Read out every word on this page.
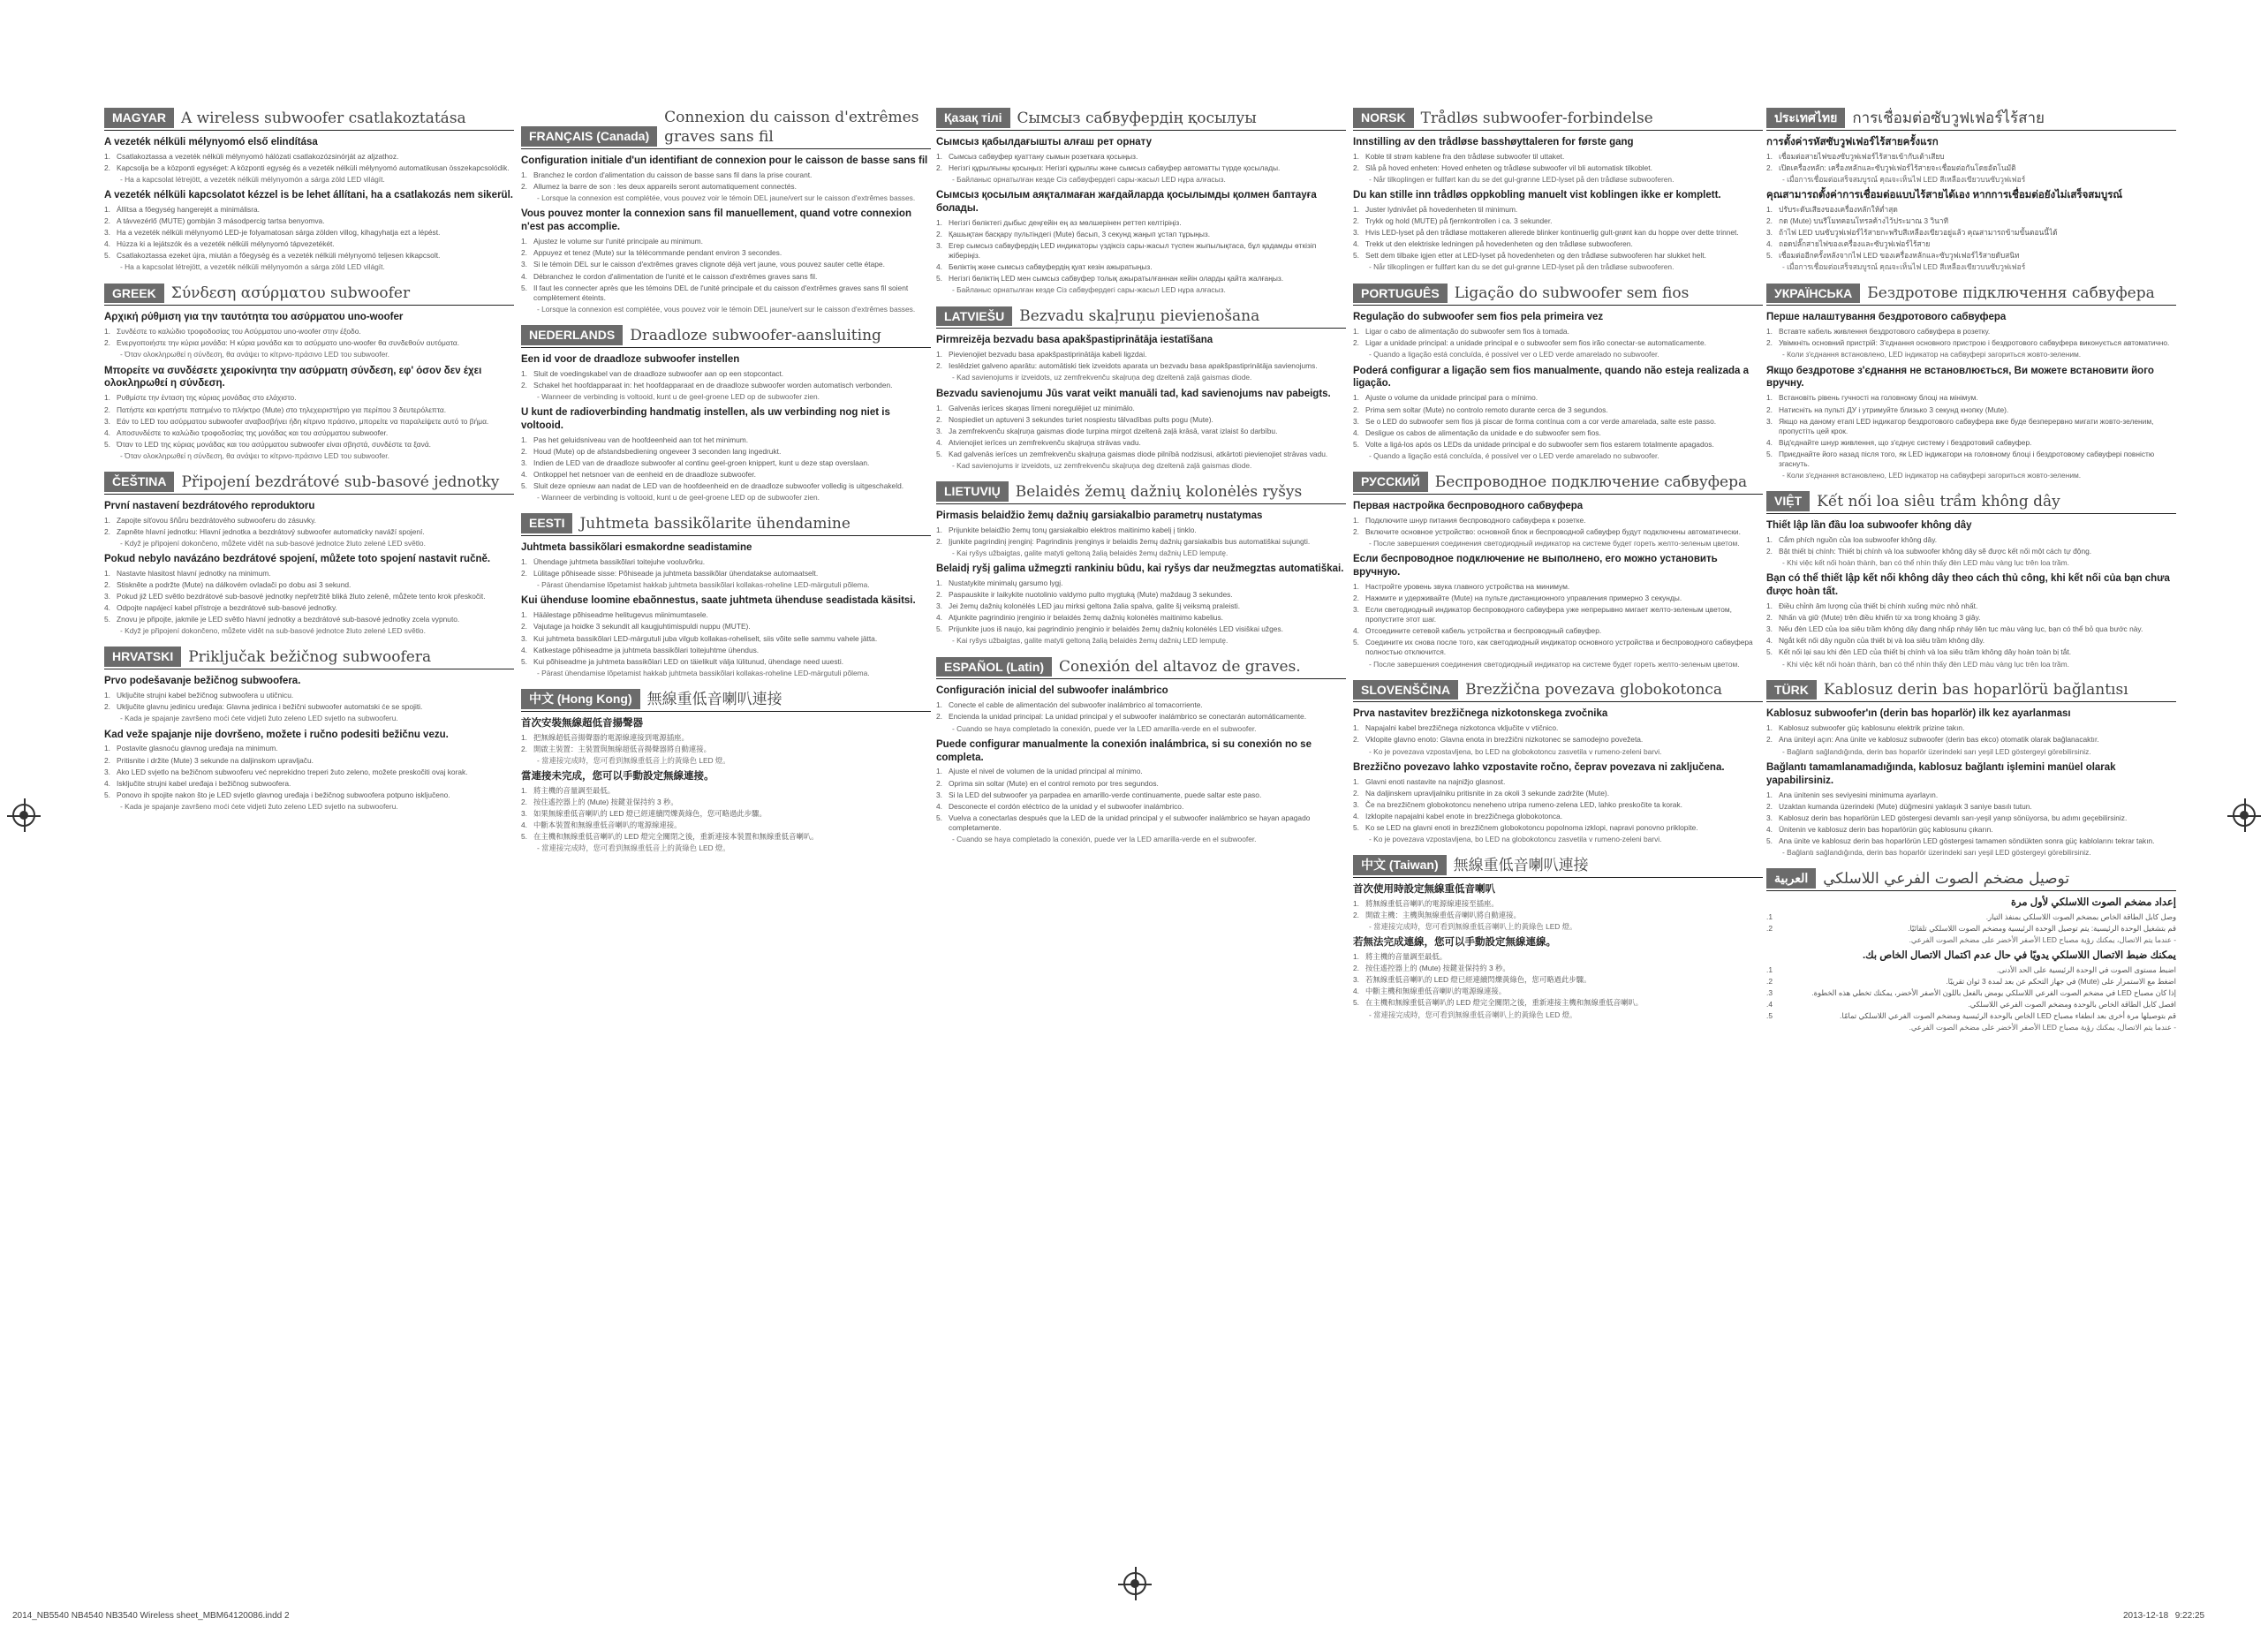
MAGYAR	A wireless subwoofer csatlakoztatása
A vezeték nélküli mélynyomó első elindítása
1. Csatlakoztassa a vezeték nélküli mélynyomó hálózati csatlakozózsinórját az aljzathoz.
2. Kapcsolja be a központi egységet: A központi egység és a vezeték nélküli mélynyomó automatikusan összekapcsolódik.
- Ha a kapcsolat létrejött, a vezeték nélküli mélynyomón a sárga zöld LED világít.
A vezeték nélküli kapcsolatot kézzel is be lehet állítani, ha a csatlakozás nem sikerül.
1. Állítsa a főegység hangerejét a minimálisra.
2. A távvezérlő (MUTE) gombján 3 másodpercig tartsa benyomva.
3. Ha a vezeték nélküli mélynyomó LED-je folyamatosan sárga zölden villog, kihagyhatja ezt a lépést.
4. Húzza ki a lejátszók és a vezeték nélküli mélynyomó tápvezetékét.
5. Csatlakoztassa ezeket újra, miután a főegység és a vezeték nélküli mélynyomó teljesen kikapcsolt.
- Ha a kapcsolat létrejött, a vezeték nélküli mélynyomón a sárga zöld LED világít.
GREEK	Σύνδεση ασύρματου subwoofer
Αρχική ρύθμιση για την ταυτότητα του ασύρματου uno-woofer
1. Συνδέστε το καλώδιο τροφοδοσίας του Ασύρματου uno-woofer στην έξοδο.
2. Ενεργοποιήστε την κύρια μονάδα: Η κύρια μονάδα και το ασύρματο uno-woofer θα συνδεθούν αυτόματα.
- Όταν ολοκληρωθεί η σύνδεση, θα ανάψει το κίτρινο-πράσινο LED του subwoofer.
Μπορείτε να συνδέσετε χειροκίνητα την ασύρματη σύνδεση, εφ' όσον δεν έχει ολοκληρωθεί η σύνδεση.
1. Ρυθμίστε την ένταση της κύριας μονάδας στο ελάχιστο.
2. Πατήστε και κρατήστε πατημένο το πλήκτρο (Mute) στο τηλεχειριστήριο για περίπου 3 δευτερόλεπτα.
3. Εάν το LED του ασύρματου subwoofer αναβοσβήνει ήδη κίτρινο πράσινο, μπορείτε να παραλείψετε αυτό το βήμα.
4. Αποσυνδέστε το καλώδιο τροφοδοσίας της μονάδας και του ασύρματου subwoofer.
5. Όταν το LED της κύριας μονάδας και του ασύρματου subwoofer είναι σβηστά, συνδέστε τα ξανά.
- Όταν ολοκληρωθεί η σύνδεση, θα ανάψει το κίτρινο-πράσινο LED του subwoofer.
ČEŠTINA	Připojení bezdrátové sub-basové jednotky
První nastavení bezdrátového reproduktoru
1. Zapojte síťovou šňůru bezdrátového subwooferu do zásuvky.
2. Zapněte hlavní jednotku: Hlavní jednotka a bezdrátový subwoofer automaticky naváží spojení.
- Když je připojení dokončeno, můžete vidět na sub-basové jednotce žluto zelené LED světlo.
Pokud nebylo navázáno bezdrátové spojení, můžete toto spojení nastavit ručně.
1. Nastavte hlasitost hlavní jednotky na minimum.
2. Stiskněte a podržte (Mute) na dálkovém ovladači po dobu asi 3 sekund.
3. Pokud již LED světlo bezdrátové sub-basové jednotky nepřetržitě bliká žluto zeleně, můžete tento krok přeskočit.
4. Odpojte napájecí kabel přístroje a bezdrátové sub-basové jednotky.
5. Znovu je připojte, jakmile je LED světlo hlavní jednotky a bezdrátové sub-basové jednotky zcela vypnuto.
- Když je připojení dokončeno, můžete vidět na sub-basové jednotce žluto zelené LED světlo.
HRVATSKI	Priključak bežičnog subwoofera
Prvo podešavanje bežičnog subwoofera.
1. Uključite strujni kabel bežičnog subwoofera u utičnicu.
2. Uključite glavnu jedinicu uređaja: Glavna jedinica i bežični subwoofer automatski će se spojiti.
- Kada je spajanje završeno moći ćete vidjeti žuto zeleno LED svjetlo na subwooferu.
Kad veže spajanje nije dovršeno, možete i ručno podesiti bežičnu vezu.
1. Postavite glasnoću glavnog uređaja na minimum.
2. Pritisnite i držite (Mute) 3 sekunde na daljinskom upravljaču.
3. Ako LED svjetlo na bežičnom subwooferu već neprekidno treperi žuto zeleno, možete preskočiti ovaj korak.
4. Isključite strujni kabel uređaja i bežičnog subwoofera.
5. Ponovo ih spojite nakon što je LED svjetlo glavnog uređaja i bežičnog subwoofera potpuno isključeno.
- Kada je spajanje završeno moći ćete vidjeti žuto zeleno LED svjetlo na subwooferu.
FRANÇAIS (Canada)
Connexion du caisson d'extrêmes graves sans fil
Configuration initiale d'un identifiant de connexion pour le caisson de basse sans fil
1. Branchez le cordon d'alimentation du caisson de basse sans fil dans la prise courant.
2. Allumez la barre de son : les deux appareils seront automatiquement connectés.
- Lorsque la connexion est complétée, vous pouvez voir le témoin DEL jaune/vert sur le caisson d'extrêmes basses.
Vous pouvez monter la connexion sans fil manuellement, quand votre connexion n'est pas accomplie.
1. Ajustez le volume sur l'unité principale au minimum.
2. Appuyez et tenez (Mute) sur la télécommande pendant environ 3 secondes.
3. Si le témoin DEL sur le caisson d'extrêmes graves clignote déjà vert jaune, vous pouvez sauter cette étape.
4. Débranchez le cordon d'alimentation de l'unité et le caisson d'extrêmes graves sans fil.
5. Il faut les connecter après que les témoins DEL de l'unité principale et du caisson d'extrêmes graves sans fil soient complètement éteints.
- Lorsque la connexion est complétée, vous pouvez voir le témoin DEL jaune/vert sur le caisson d'extrêmes basses.
NEDERLANDS	Draadloze subwoofer-aansluiting
Een id voor de draadloze subwoofer instellen
1. Sluit de voedingskabel van de draadloze subwoofer aan op een stopcontact.
2. Schakel het hoofdapparaat in: het hoofdapparaat en de draadloze subwoofer worden automatisch verbonden.
- Wanneer de verbinding is voltooid, kunt u de geel-groene LED op de subwoofer zien.
U kunt de radioverbinding handmatig instellen, als uw verbinding nog niet is voltooid.
1. Pas het geluidsniveau van de hoofdeenheid aan tot het minimum.
2. Houd (Mute) op de afstandsbediening ongeveer 3 seconden lang ingedrukt.
3. Indien de LED van de draadloze subwoofer al continu geel-groen knippert, kunt u deze stap overslaan.
4. Ontkoppel het netsnoer van de eenheid en de draadloze subwoofer.
5. Sluit deze opnieuw aan nadat de LED van de hoofdeenheid en de draadloze subwoofer volledig is uitgeschakeld.
- Wanneer de verbinding is voltooid, kunt u de geel-groene LED op de subwoofer zien.
EESTI	Juhtmeta bassikõlarite ühendamine
Juhtmeta bassikõlari esmakordne seadistamine
1. Ühendage juhtmeta bassikõlari toitejuhe vooluvõrku.
2. Lülitage põhiseade sisse: Põhiseade ja juhtmeta bassikõlar ühendatakse automaatselt.
- Pärast ühendamise lõpetamist hakkab juhtmeta bassikõlari kollakas-roheline LED-märgutuli põlema.
Kui ühenduse loomine ebaõnnestus, saate juhtmeta ühenduse seadistada käsitsi.
1. Häälestage põhiseadme helitugevus miinimumtasele.
2. Vajutage ja hoidke 3 sekundit all kaugjuhtimispuldi nuppu (MUTE).
3. Kui juhtmeta bassikõlari LED-märgutuli juba vilgub kollakas-roheliselt, siis võite selle sammu vahele jätta.
4. Katkestage põhiseadme ja juhtmeta bassikõlari toitejuhtme ühendus.
5. Kui põhiseadme ja juhtmeta bassikõlari LED on täielikult välja lülitunud, ühendage need uuesti.
- Pärast ühendamise lõpetamist hakkab juhtmeta bassikõlari kollakas-roheline LED-märgutuli põlema.
中文 (Hong Kong)	無線重低音喇叭連接
首次安裝無線超低音揚聲器
1. 把無線超低音揚聲器的電源線連接到電源插座。
2. 開啟主裝置：主裝置與無線超低音揚聲器將自動連接。
- 當連接完成時，您可看到無線重低音上的黃綠色 LED 燈。
當連接未完成，您可以手動設定無線連接。
1. 將主機的音量調至最低。
2. 按住遙控器上的 (Mute) 按鍵並保持約 3 秒。
3. 如果無線重低音喇叭的 LED 燈已經連續閃爍黃綠色，您可略過此步驟。
4. 中斷本裝置和無線重低音喇叭的電源線連接。
5. 在主機和無線重低音喇叭的 LED 燈完全關閉之後，重新連接本裝置和無線重低音喇叭。
- 當連接完成時，您可看到無線重低音上的黃綠色 LED 燈。
Қазақ тілі	Сымсыз сабвуфердің қосылуы
Сымсыз қабылдағышты алғаш рет орнату
1. Сымсыз сабвуфер қуаттану сымын розеткаға қосыңыз.
2. Негізгі құрылғыны қосыңыз: Негізгі құрылғы және сымсыз сабвуфер автоматты түрде қосылады.
- Байланыс орнатылған кезде Сіз сабвуфердегі сары-жасыл LED нұра алғасыз.
Сымсыз қосылым аяқталмаған жағдайларда қосылымды қолмен баптауға болады.
1. Негізгі бөліктегі дыбыс деңгейін ең аз мөлшерінен реттеп келтіріңіз.
2. Қашықтан басқару пультіндегі (Mute) басып, 3 секунд жаңып ұстап тұрыңыз.
3. Егер сымсыз сабвуфердің LED индикаторы үздіксіз сары-жасыл түспен жыпылықтаса, бұл қадамды өткізіп жіберіңіз.
4. Бөліктің және сымсыз сабвуфердің қуат кезін ажыратыңыз.
5. Негізгі бөліктің LED мен сымсыз сабвуфер толық ажыратылғаннан кейін оларды қайта жалғаңыз.
- Байланыс орнатылған кезде Сіз сабвуфердегі сары-жасыл LED нұра алғасыз.
LATVIEŠU	Bezvadu skaļruņu pievienošana
Pirmreizēja bezvadu basa apakšpastiprinātāja iestatīšana
1. Pievienojiet bezvadu basa apakšpastiprinātāja kabeli ligzdai.
2. Ieslēdziet galveno aparātu: automātiski tiek izveidots aparata un bezvadu basa apakšpastiprinātāja savienojums.
- Kad savienojums ir izveidots, uz zemfrekvenču skaļruņa deg dzeltenā zaļā gaismas diode.
Bezvadu savienojumu Jūs varat veikt manuāli tad, kad savienojums nav pabeigts.
1. Galvenās ierīces skaņas līmeni noregulējiet uz minimālo.
2. Nospiediet un aptuveni 3 sekundes turiet nospiestu tālvadības pults pogu (Mute).
3. Ja zemfrekvenču skaļruņa gaismas diode turpina mirgot dzeltenā zaļā krāsā, varat izlaist šo darbību.
4. Atvienojiet ierīces un zemfrekvenču skaļruņa strāvas vadu.
5. Kad galvenās ierīces un zemfrekvenču skaļruņa gaismas diode pilnībā nodzisusi, atkārtoti pievienojiet strāvas vadu.
- Kad savienojums ir izveidots, uz zemfrekvenču skaļruņa deg dzeltenā zaļā gaismas diode.
LIETUVIŲ	Belaidės žemų dažnių kolonėlės ryšys
Pirmasis belaidžio žemų dažnių garsiakalbio parametrų nustatymas
1. Prijunkite belaidžio žemų tonų garsiakalbio elektros maitinimo kabelį į tinklo.
2. Įjunkite pagrindinį įrenginį: Pagrindinis įrenginys ir belaidis žemų dažnių garsiakalbis bus automatiškai sujungti.
- Kai ryšys užbaigtas, galite matyti geltoną žalią belaidės žemų dažnių LED lemputę.
Belaidį ryšį galima užmegzti rankiniu būdu, kai ryšys dar neužmegztas automatiškai.
1. Nustatykite minimalų garsumo lygį.
2. Paspauskite ir laikykite nuotolinio valdymo pulto mygtuką (Mute) maždaug 3 sekundes.
3. Jei žemų dažnių kolonėlės LED jau mirksi geltona žalia spalva, galite šį veiksmą praleisti.
4. Atjunkite pagrindinio įrenginio ir belaidės žemų dažnių kolonėlės maitinimo kabelius.
5. Prijunkite juos iš naujo, kai pagrindinio įrenginio ir belaidės žemų dažnių kolonėlės LED visiškai užges.
- Kai ryšys užbaigtas, galite matyti geltoną žalią belaidės žemų dažnių LED lemputę.
ESPAÑOL (Latin)	Conexión del altavoz de graves.
Configuración inicial del subwoofer inalámbrico
1. Conecte el cable de alimentación del subwoofer inalámbrico al tomacorriente.
2. Encienda la unidad principal: La unidad principal y el subwoofer inalámbrico se conectarán automáticamente.
- Cuando se haya completado la conexión, puede ver la LED amarilla-verde en el subwoofer.
Puede configurar manualmente la conexión inalámbrica, si su conexión no se completa.
1. Ajuste el nivel de volumen de la unidad principal al mínimo.
2. Oprima sin soltar (Mute) en el control remoto por tres segundos.
3. Si la LED del subwoofer ya parpadea en amarillo-verde continuamente, puede saltar este paso.
4. Desconecte el cordón eléctrico de la unidad y el subwoofer inalámbrico.
5. Vuelva a conectarlas después que la LED de la unidad principal y el subwoofer inalámbrico se hayan apagado completamente.
- Cuando se haya completado la conexión, puede ver la LED amarilla-verde en el subwoofer.
NORSK	Trådløs subwoofer-forbindelse
Innstilling av den trådløse basshøyttaleren for første gang
1. Koble til strøm kablene fra den trådløse subwoofer til uttaket.
2. Slå på hoved enheten: Hoved enheten og trådløse subwoofer vil bli automatisk tilkoblet.
- Når tilkoplingen er fullført kan du se det gul-grønne LED-lyset på den trådløse subwooferen.
Du kan stille inn trådløs oppkobling manuelt vist koblingen ikke er komplett.
1. Juster lydnivået på hovedenheten til minimum.
2. Trykk og hold (MUTE) på fjernkontrollen i ca. 3 sekunder.
3. Hvis LED-lyset på den trådløse mottakeren allerede blinker kontinuerlig gult-grønt kan du hoppe over dette trinnet.
4. Trekk ut den elektriske ledningen på hovedenheten og den trådløse subwooferen.
5. Sett dem tilbake igjen etter at LED-lyset på hovedenheten og den trådløse subwooferen har slukket helt.
- Når tilkoplingen er fullført kan du se det gul-grønne LED-lyset på den trådløse subwooferen.
PORTUGUÊS	Ligação do subwoofer sem fios
Regulação do subwoofer sem fios pela primeira vez
1. Ligar o cabo de alimentação do subwoofer sem fios à tomada.
2. Ligar a unidade principal: a unidade principal e o subwoofer sem fios irão conectar-se automaticamente.
- Quando a ligação está concluída, é possível ver o LED verde amarelado no subwoofer.
Poderá configurar a ligação sem fios manualmente, quando não esteja realizada a ligação.
1. Ajuste o volume da unidade principal para o mínimo.
2. Prima sem soltar (Mute) no controlo remoto durante cerca de 3 segundos.
3. Se o LED do subwoofer sem fios já piscar de forma contínua com a cor verde amarelada, salte este passo.
4. Desligue os cabos de alimentação da unidade e do subwoofer sem fios.
5. Volte a ligá-los após os LEDs da unidade principal e do subwoofer sem fios estarem totalmente apagados.
- Quando a ligação está concluída, é possível ver o LED verde amarelado no subwoofer.
РУССКИЙ	Беспроводное подключение сабвуфера
Первая настройка беспроводного сабвуфера
1. Подключите шнур питания беспроводного сабвуфера к розетке.
2. Включите основное устройство: основной блок и беспроводной сабвуфер будут подключены автоматически.
- После завершения соединения светодиодный индикатор на системе будет гореть желто-зеленым цветом.
Если беспроводное подключение не выполнено, его можно установить вручную.
1. Настройте уровень звука главного устройства на минимум.
2. Нажмите и удерживайте (Mute) на пульте дистанционного управления примерно 3 секунды.
3. Если светодиодный индикатор беспроводного сабвуфера уже непрерывно мигает желто-зеленым цветом, пропустите этот шаг.
4. Отсоедините сетевой кабель устройства и беспроводный сабвуфер.
5. Соедините их снова после того, как светодиодный индикатор основного устройства и беспроводного сабвуфера полностью отключится.
- После завершения соединения светодиодный индикатор на системе будет гореть желто-зеленым цветом.
SLOVENŠČINA	Brezžična povezava globokotonca
Prva nastavitev brezžičnega nizkotonskega zvočnika
1. Napajalni kabel brezžičnega nizkotonca vključite v vtičnico.
2. Vklopite glavno enoto: Glavna enota in brezžični nizkotonec se samodejno povežeta.
- Ko je povezava vzpostavljena, bo LED na globokotoncu zasvetila v rumeno-zeleni barvi.
Brezžično povezavo lahko vzpostavite ročno, čeprav povezava ni zaključena.
1. Glavni enoti nastavite na najnižjo glasnost.
2. Na daljinskem upravljalniku pritisnite in za okoli 3 sekunde zadržite (Mute).
3. Če na brezžičnem globokotoncu neneheno utripa rumeno-zelena LED, lahko preskočite ta korak.
4. Izklopite napajalni kabel enote in brezžičnega globokotonca.
5. Ko se LED na glavni enoti in brezžičnem globokotoncu popolnoma izklopi, napravi ponovno priklopite.
- Ko je povezava vzpostavljena, bo LED na globokotoncu zasvetila v rumeno-zeleni barvi.
中文 (Taiwan)	無線重低音喇叭連接
首次使用時設定無線重低音喇叭
1. 將無線重低音喇叭的電源線連接至插座。
2. 開啟主機：主機與無線重低音喇叭將自動連接。
- 當連接完成時，您可看到無線重低音喇叭上的黃綠色 LED 燈。
若無法完成連線，您可以手動設定無線連線。
1. 將主機的音量調至最低。
2. 按住遙控器上的 (Mute) 按鍵並保持約 3 秒。
3. 若無線重低音喇叭的 LED 燈已經連續閃爍黃綠色，您可略過此步驟。
4. 中斷主機和無線重低音喇叭的電源線連接。
5. 在主機和無線重低音喇叭的 LED 燈完全關閉之後，重新連接主機和無線重低音喇叭。
- 當連接完成時，您可看到無線重低音喇叭上的黃綠色 LED 燈。
ประเทศไทย	การเชื่อมต่อซับวูฟเฟอร์ไร้สาย
การตั้งค่ารหัสซับวูฟเฟอร์ไร้สายครั้งแรก
1. เชื่อมต่อสายไฟของซับวูฟเฟอร์ไร้สายเข้ากับเต้าเสียบ
2. เปิดเครื่องหลัก: เครื่องหลักและซับวูฟเฟอร์ไร้สายจะเชื่อมต่อกันโดยอัตโนมัติ
- เมื่อการเชื่อมต่อเสร็จสมบูรณ์ คุณจะเห็นไฟ LED สีเหลืองเขียวบนซับวูฟเฟอร์
คุณสามารถตั้งค่าการเชื่อมต่อแบบไร้สายได้เอง หากการเชื่อมต่อยังไม่เสร็จสมบูรณ์
1. ปรับระดับเสียงของเครื่องหลักให้ต่ำสุด
2. กด (Mute) บนรีโมทคอนโทรลค้างไว้ประมาณ 3 วินาที
3. ถ้าไฟ LED บนซับวูฟเฟอร์ไร้สายกะพริบสีเหลืองเขียวอยู่แล้ว คุณสามารถข้ามขั้นตอนนี้ได้
4. ถอดปลั๊กสายไฟของเครื่องและซับวูฟเฟอร์ไร้สาย
5. เชื่อมต่ออีกครั้งหลังจากไฟ LED ของเครื่องหลักและซับวูฟเฟอร์ไร้สายดับสนิท
- เมื่อการเชื่อมต่อเสร็จสมบูรณ์ คุณจะเห็นไฟ LED สีเหลืองเขียวบนซับวูฟเฟอร์
УКРАЇНСЬКА	Бездротове підключення сабвуфера
Перше налаштування бездротового сабвуфера
1. Вставте кабель живлення бездротового сабвуфера в розетку.
2. Увімкніть основний пристрій: З'єднання основного пристрою і бездротового сабвуфера виконується автоматично.
- Коли з'єднання встановлено, LED індикатор на сабвуфері загориться жовто-зеленим.
Якщо бездротове з'єднання не встановлюється, Ви можете встановити його вручну.
1. Встановіть рівень гучності на головному блоці на мінімум.
2. Натисніть на пульті ДУ і утримуйте близько 3 секунд кнопку (Mute).
3. Якщо на даному етапі LED індикатор бездротового сабвуфера вже буде безперервно мигати жовто-зеленим, пропустіть цей крок.
4. Від'єднайте шнур живлення, що з'єднує систему і бездротовий сабвуфер.
5. Приєднайте його назад після того, як LED індикатори на головному блоці і бездротовому сабвуфері повністю згаснуть.
- Коли з'єднання встановлено, LED індикатор на сабвуфері загориться жовто-зеленим.
VIỆT	Kết nối loa siêu trầm không dây
Thiết lập lần đầu loa subwoofer không dây
1. Cắm phích nguồn của loa subwoofer không dây.
2. Bật thiết bị chính: Thiết bị chính và loa subwoofer không dây sẽ được kết nối một cách tự động.
- Khi việc kết nối hoàn thành, bạn có thể nhìn thấy đèn LED màu vàng lục trên loa trầm.
Bạn có thể thiết lập kết nối không dây theo cách thủ công, khi kết nối của bạn chưa được hoàn tất.
1. Điều chỉnh âm lượng của thiết bị chính xuống mức nhỏ nhất.
2. Nhấn và giữ (Mute) trên điều khiển từ xa trong khoảng 3 giây.
3. Nếu đèn LED của loa siêu trầm không dây đang nhấp nháy liên tục màu vàng lục, bạn có thể bỏ qua bước này.
4. Ngắt kết nối dây nguồn của thiết bị và loa siêu trầm không dây.
5. Kết nối lại sau khi đèn LED của thiết bị chính và loa siêu trầm không dây hoàn toàn bị tắt.
- Khi việc kết nối hoàn thành, bạn có thể nhìn thấy đèn LED màu vàng lục trên loa trầm.
TÜRK	Kablosuz derin bas hoparlörü bağlantısı
Kablosuz subwoofer'ın (derin bas hoparlör) ilk kez ayarlanması
1. Kablosuz subwoofer güç kablosunu elektrik prizine takın.
2. Ana üniteyi açın: Ana ünite ve kablosuz subwoofer (derin bas ekco) otomatik olarak bağlanacaktır.
- Bağlantı sağlandığında, derin bas hoparlör üzerindeki sarı yeşil LED göstergeyi görebilirsiniz.
Bağlantı tamamlanamadığında, kablosuz bağlantı işlemini manüel olarak yapabilirsiniz.
1. Ana ünitenin ses seviyesini minimuma ayarlayın.
2. Uzaktan kumanda üzerindeki (Mute) düğmesini yaklaşık 3 saniye basılı tutun.
3. Kablosuz derin bas hoparlörün LED göstergesi devamlı sarı-yeşil yanıp sönüyorsa, bu adımı geçebilirsiniz.
4. Ünitenin ve kablosuz derin bas hoparlörün güç kablosunu çıkarın.
5. Ana ünite ve kablosuz derin bas hoparlörün LED göstergesi tamamen söndükten sonra güç kablolarını tekrar takın.
- Bağlantı sağlandığında, derin bas hoparlör üzerindeki sarı yeşil LED göstergeyi görebilirsiniz.
العربية	توصيل مضخم الصوت الفرعي اللاسلكي
إعداد مضخم الصوت اللاسلكي لأول مرة
1.	وصل كابل الطاقة الخاص بمضخم الصوت اللاسلكي بمنفذ التيار.
2.	قم بتشغيل الوحدة الرئيسية: يتم توصيل الوحدة الرئيسية ومضخم الصوت اللاسلكي تلقائيًا.
- عندما يتم الاتصال، يمكنك رؤية مصباح LED الأصفر الأخضر على مضخم الصوت الفرعي.
يمكنك ضبط الاتصال اللاسلكي يدويًا في حال عدم اكتمال الاتصال الخاص بك.
1.	اضبط مستوى الصوت في الوحدة الرئيسية على الحد الأدنى.
2.	اضغط مع الاستمرار على (Mute) في جهاز التحكم عن بعد لمدة 3 ثوان تقريبًا.
3.	إذا كان مصباح LED في مضخم الصوت الفرعي اللاسلكي يومض بالفعل باللون الأصفر الأخضر، يمكنك تخطي هذه الخطوة.
4.	افصل كابل الطاقة الخاص بالوحدة ومضخم الصوت الفرعي اللاسلكي.
5.	قم بتوصيلها مرة أخرى بعد انطفاء مصباح LED الخاص بالوحدة الرئيسية ومضخم الصوت الفرعي اللاسلكي تمامًا.
- عندما يتم الاتصال، يمكنك رؤية مصباح LED الأصفر الأخضر على مضخم الصوت الفرعي.
2014_NB5540 NB4540 NB3540 Wireless sheet_MBM64120086.indd 2	2013-12-18   9:22:25
